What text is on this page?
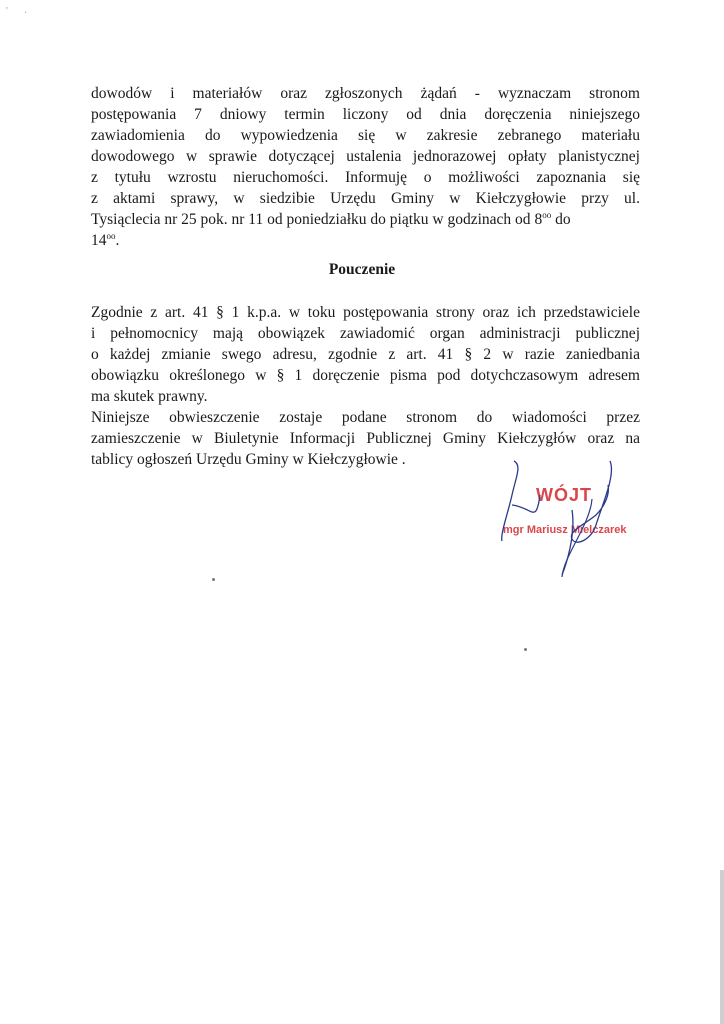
' ·
dowodów i materiałów oraz zgłoszonych żądań - wyznaczam stronom
postępowania 7 dniowy termin liczony od dnia doręczenia niniejszego
zawiadomienia do wypowiedzenia się w zakresie zebranego materiału
dowodowego w sprawie dotyczącej ustalenia jednorazowej opłaty planistycznej
z tytułu wzrostu nieruchomości. Informuję o możliwości zapoznania się
z aktami sprawy, w siedzibie Urzędu Gminy w Kiełczygłowie przy ul.
Tysiąclecia nr 25 pok. nr 11 od poniedziałku do piątku w godzinach od $8^{oo}$ do
$14^{oo}$.
Pouczenie
Zgodnie z art. 41 § 1 k.p.a. w toku postępowania strony oraz ich przedstawiciele
i pełnomocnicy mają obowiązek zawiadomić organ administracji publicznej
o każdej zmianie swego adresu, zgodnie z art. 41 § 2 w razie zaniedbania
obowiązku określonego w § 1 doręczenie pisma pod dotychczasowym adresem
ma skutek prawny.
Niniejsze obwieszczenie zostaje podane stronom do wiadomości przez
zamieszczenie w Biuletynie Informacji Publicznej Gminy Kiełczygłów oraz na
tablicy ogłoszeń Urzędu Gminy w Kiełczygłowie .
WÓJT
mgr Mariusz Mielczarek
